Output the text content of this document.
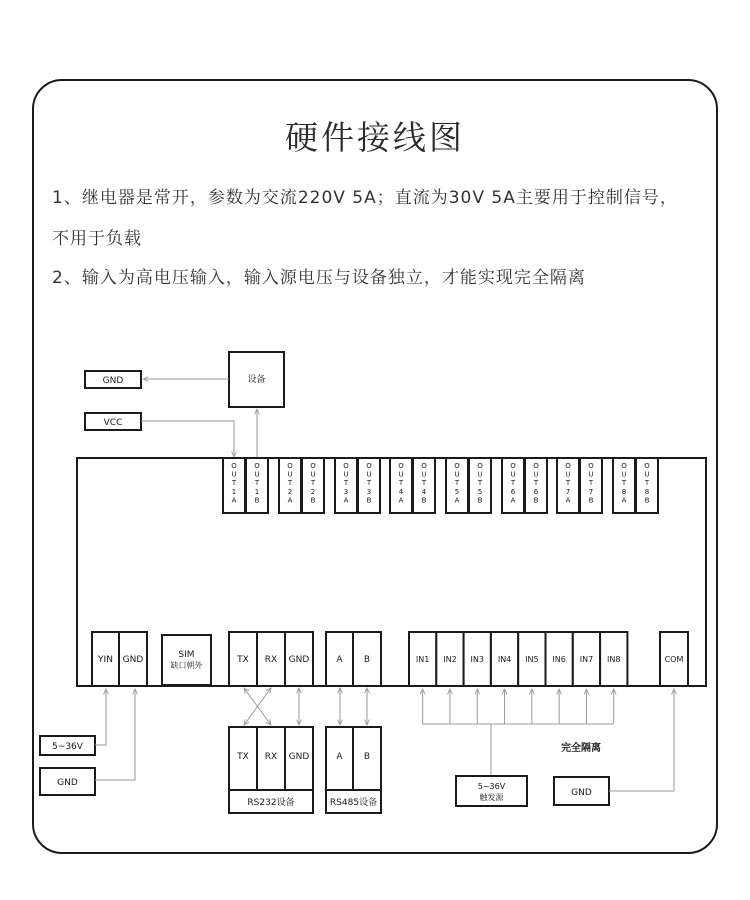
硬件接线图
1、继电器是常开，参数为交流220V 5A；直流为30V 5A主要用于控制信号，
不用于负载
2、输入为高电压输入，输入源电压与设备独立，才能实现完全隔离
设备
GND
VCC
O U T 1 A
O U T 1 B
O U T 2 A
O U T 2 B
O U T 3 A
O U T 3 B
O U T 4 A
O U T 4 B
O U T 5 A
O U T 5 B
O U T 6 A
O U T 6 B
O U T 7 A
O U T 7 B
O U T 8 A
O U T 8 B
YIN GND	SIM
缺口朝外
TX RX GND	A B	IN1 IN2 IN3 IN4 IN5 IN6 IN7 IN8	COM
5~36V
GND
TX RX GND
RS232设备
A B
RS485设备
5~36V
触发源
完全隔离
GND
